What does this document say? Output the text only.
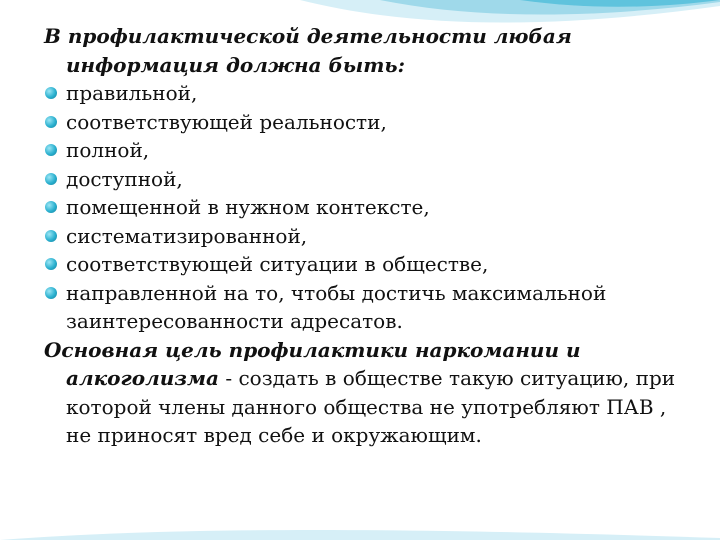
В профилактической деятельности любая информация должна быть:

правильной,
соответствующей реальности,
полной,
доступной,
помещенной в нужном контексте,
систематизированной,
соответствующей ситуации в обществе,
направленной на то, чтобы достичь максимальной заинтересованности адресатов.

Основная цель профилактики наркомании и алкоголизма - создать в обществе такую ситуацию, при которой члены данного общества не употребляют ПАВ , не приносят вред себе и окружающим.
